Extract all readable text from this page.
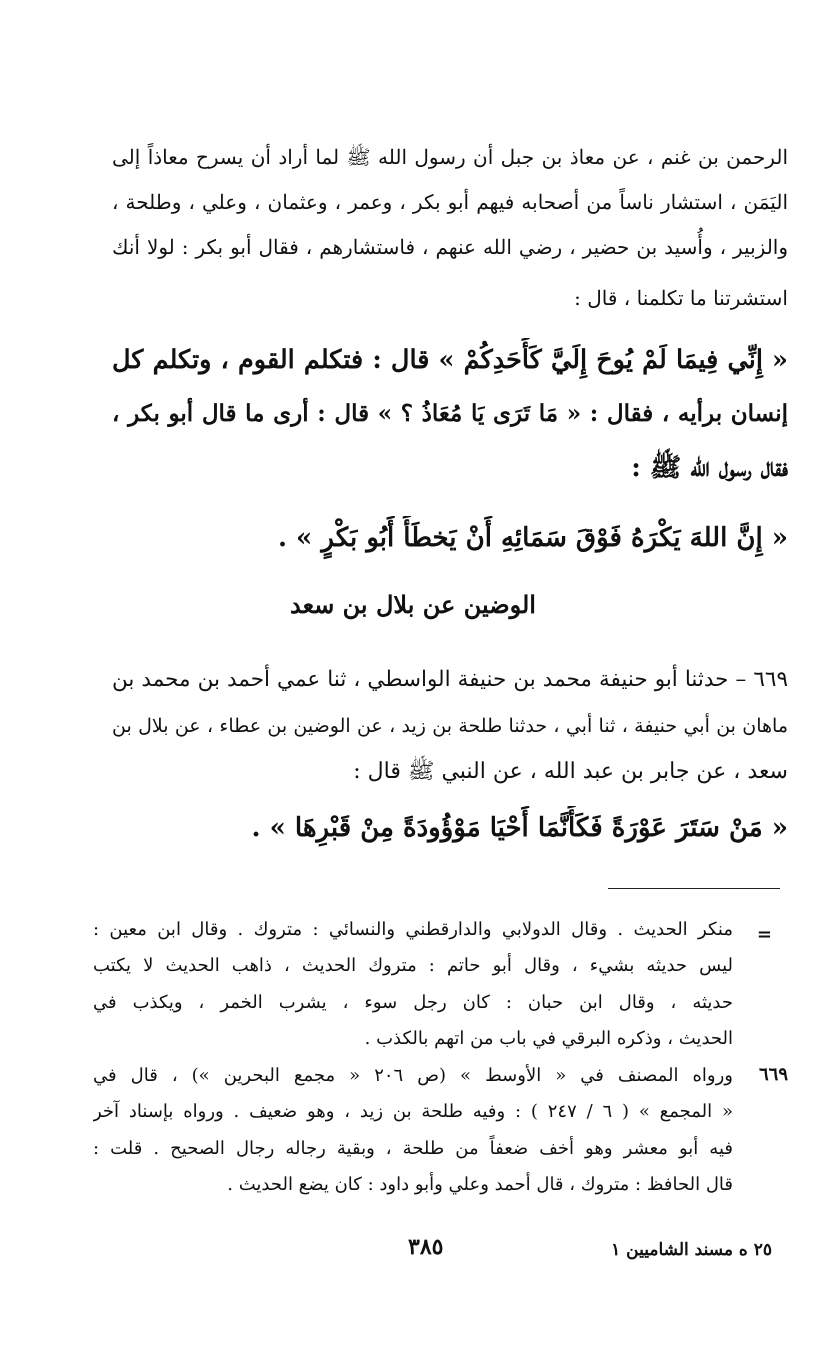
الرحمن بن غنم ، عن معاذ بن جبل أن رسول الله ﷺ لما أراد أن يسرح معاذاً إلى
اليَمَن ، استشار ناساً من أصحابه فيهم أبو بكر ، وعمر ، وعثمان ، وعلي ، وطلحة ،
والزبير ، وأُسيد بن حضير ، رضي الله عنهم ، فاستشارهم ، فقال أبو بكر : لولا أنك
استشرتنا ما تكلمنا ، قال :
« إِنِّي فِيمَا لَمْ يُوحَ إِلَيَّ كَأَحَدِكُمْ » قال : فتكلم القوم ، وتكلم كل
إنسان برأيه ، فقال : « مَا تَرَى يَا مُعَاذُ ؟ » قال : أرى ما قال أبو بكر ،
فقال رسول الله ﷺ :
« إِنَّ اللهَ يَكْرَهُ فَوْقَ سَمَائِهِ أَنْ يَخطَأَ أَبُو بَكْرٍ » .
الوضين عن بلال بن سعد
٦٦٩ – حدثنا أبو حنيفة محمد بن حنيفة الواسطي ، ثنا عمي أحمد بن محمد بن
ماهان بن أبي حنيفة ، ثنا أبي ، حدثنا طلحة بن زيد ، عن الوضين بن عطاء ، عن بلال بن
سعد ، عن جابر بن عبد الله ، عن النبي ﷺ قال :
« مَنْ سَتَرَ عَوْرَةً فَكَأَنَّمَا أَحْيَا مَوْؤُودَةً مِنْ قَبْرِهَا » .
=
منكر الحديث . وقال الدولابي والدارقطني والنسائي : متروك . وقال ابن معين :
ليس حديثه بشيء ، وقال أبو حاتم : متروك الحديث ، ذاهب الحديث لا يكتب
حديثه ، وقال ابن حبان : كان رجل سوء ، يشرب الخمر ، ويكذب في
الحديث ، وذكره البرقي في باب من اتهم بالكذب .
٦٦٩
ورواه المصنف في « الأوسط » (ص ٢٠٦ « مجمع البحرين ») ، قال في
« المجمع » ( ٦ / ٢٤٧ ) : وفيه طلحة بن زيد ، وهو ضعيف . ورواه بإسناد آخر
فيه أبو معشر وهو أخف ضعفاً من طلحة ، وبقية رجاله رجال الصحيح . قلت :
قال الحافظ : متروك ، قال أحمد وعلي وأبو داود : كان يضع الحديث .
٣٨٥	٢٥ ه مسند الشاميين ١
